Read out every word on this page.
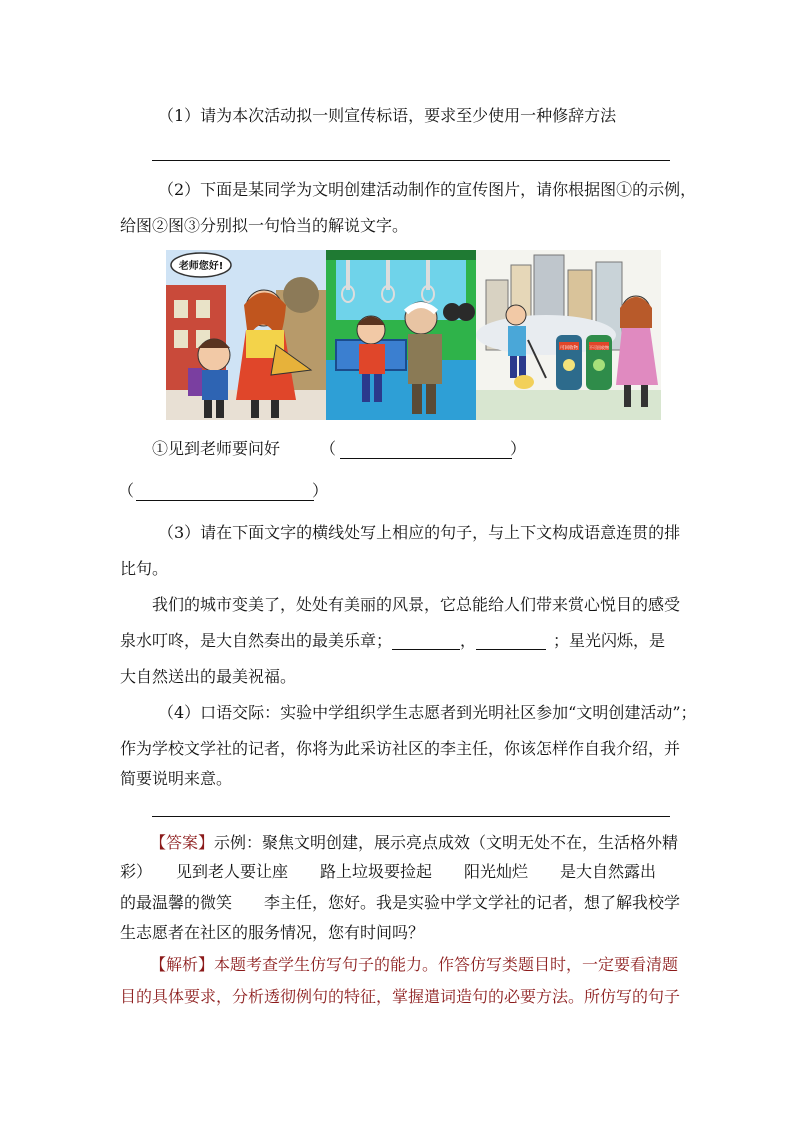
（1）请为本次活动拟一则宣传标语，要求至少使用一种修辞方法
（2）下面是某同学为文明创建活动制作的宣传图片，请你根据图①的示例，
给图②图③分别拟一句恰当的解说文字。
老师您好!
可回收物	不可回收物
①见到老师要问好 （	）
（	）
（3）请在下面文字的横线处写上相应的句子，与上下文构成语意连贯的排
比句。
我们的城市变美了，处处有美丽的风景，它总能给人们带来赏心悦目的感受
泉水叮咚，是大自然奏出的最美乐章；	，	；星光闪烁，是
大自然送出的最美祝福。
（4）口语交际：实验中学组织学生志愿者到光明社区参加“文明创建活动”；
作为学校文学社的记者，你将为此采访社区的李主任，你该怎样作自我介绍，并
简要说明来意。
【答案】示例：聚焦文明创建，展示亮点成效（文明无处不在，生活格外精
彩）　　见到老人要让座　　路上垃圾要捡起　　阳光灿烂　　是大自然露出
的最温馨的微笑　　李主任，您好。我是实验中学文学社的记者，想了解我校学
生志愿者在社区的服务情况，您有时间吗？
【解析】本题考查学生仿写句子的能力。作答仿写类题目时，一定要看清题
目的具体要求，分析透彻例句的特征，掌握遣词造句的必要方法。所仿写的句子
